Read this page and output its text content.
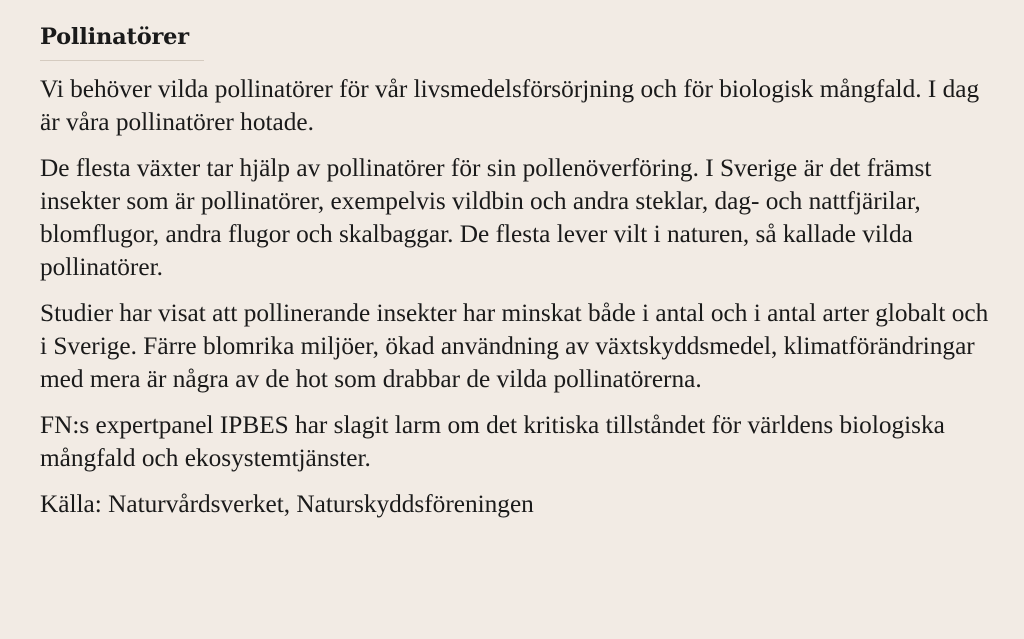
Pollinatörer

Vi behöver vilda pollinatörer för vår livsmedelsförsörjning och för biologisk mångfald. I dag är våra pollinatörer hotade.

De flesta växter tar hjälp av pollinatörer för sin pollenöverföring. I Sverige är det främst insekter som är pollinatörer, exempelvis vildbin och andra steklar, dag- och nattfjärilar, blomflugor, andra flugor och skalbaggar. De flesta lever vilt i naturen, så kallade vilda pollinatörer.

Studier har visat att pollinerande insekter har minskat både i antal och i antal arter globalt och i Sverige. Färre blomrika miljöer, ökad användning av växtskyddsmedel, klimatförändringar med mera är några av de hot som drabbar de vilda pollinatörerna.

FN:s expertpanel IPBES har slagit larm om det kritiska tillståndet för världens biologiska mångfald och ekosystemtjänster.

Källa: Naturvårdsverket, Naturskyddsföreningen
